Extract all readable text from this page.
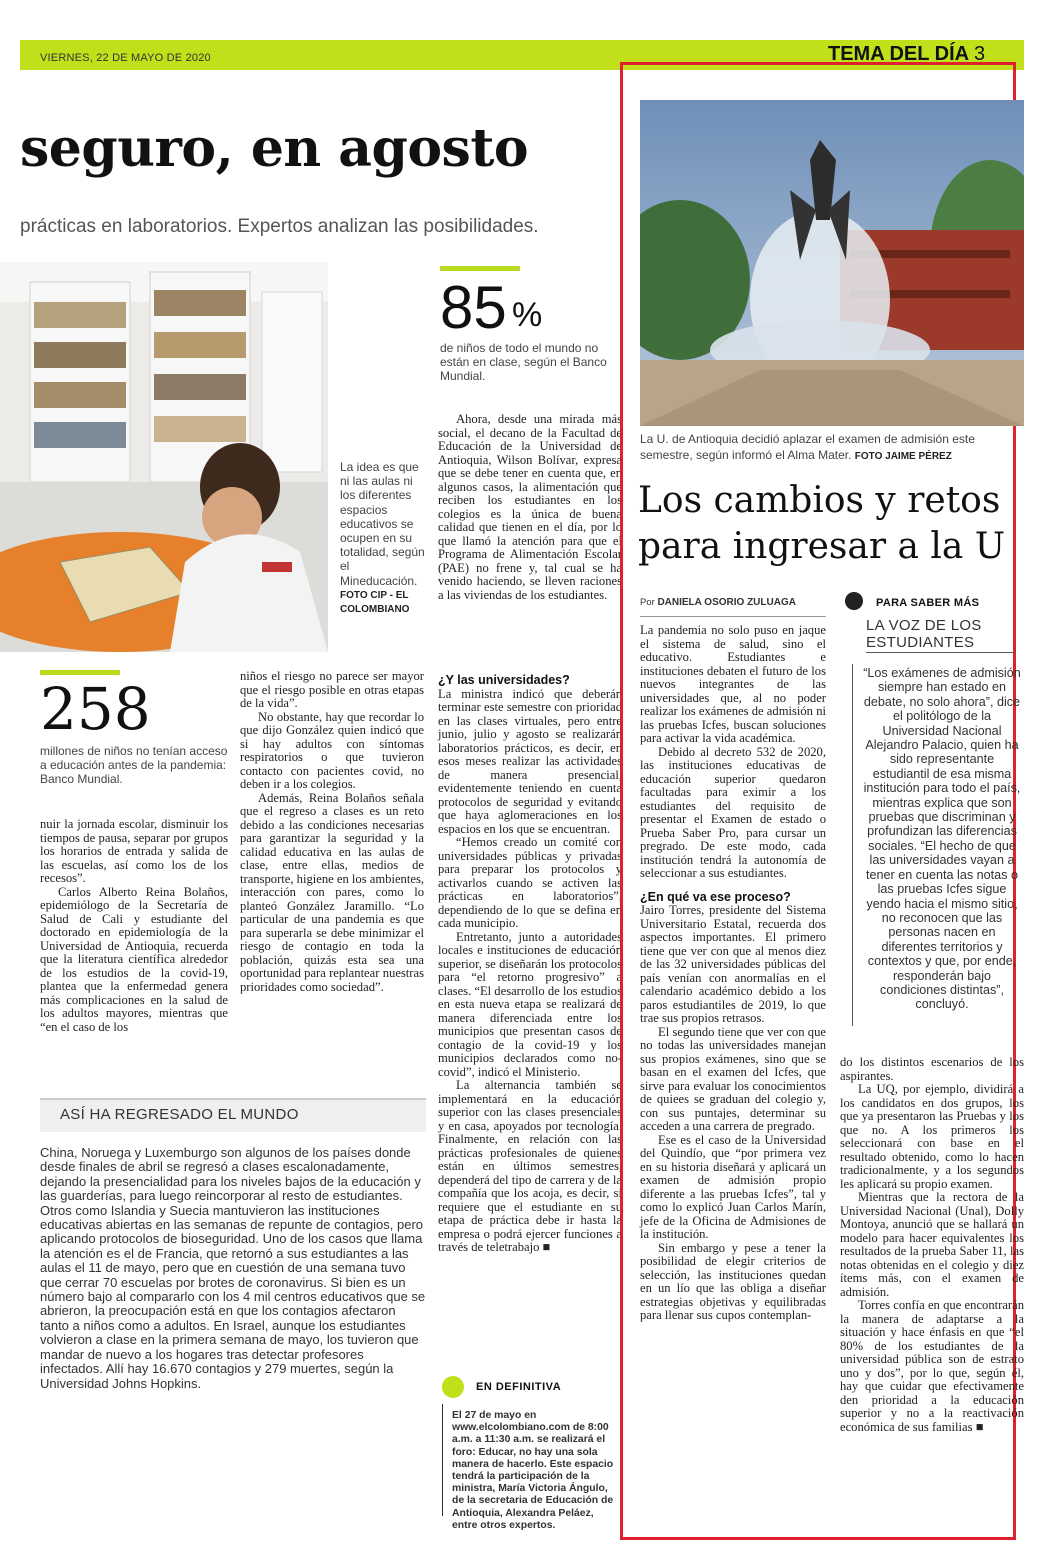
VIERNES, 22 DE MAYO DE 2020	TEMA DEL DÍA 3
seguro, en agosto
prácticas en laboratorios. Expertos analizan las posibilidades.
La idea es que ni las aulas ni los diferentes espacios educativos se ocupen en su totalidad, según el Mineducación.
FOTO CIP - EL COLOMBIANO
85 %
de niños de todo el mundo no están en clase, según el Banco Mundial.
258
millones de niños no tenían acceso a educación antes de la pandemia: Banco Mundial.

nuir la jornada escolar, disminuir los tiempos de pausa, separar por grupos los horarios de entrada y salida de las escuelas, así como los de los recesos”.

Carlos Alberto Reina Bolaños, epidemiólogo de la Secretaría de Salud de Cali y estudiante del doctorado en epidemiología de la Universidad de Antioquia, recuerda que la literatura científica alrededor de los estudios de la covid-19, plantea que la enfermedad genera más complicaciones en la salud de los adultos mayores, mientras que “en el caso de los

niños el riesgo no parece ser mayor que el riesgo posible en otras etapas de la vida”.

No obstante, hay que recordar lo que dijo González quien indicó que si hay adultos con síntomas respiratorios o que tuvieron contacto con pacientes covid, no deben ir a los colegios.

Además, Reina Bolaños señala que el regreso a clases es un reto debido a las condiciones necesarias para garantizar la seguridad y la calidad educativa en las aulas de clase, entre ellas, medios de transporte, higiene en los ambientes, interacción con pares, como lo planteó González Jaramillo. “Lo particular de una pandemia es que para superarla se debe minimizar el riesgo de contagio en toda la población, quizás esta sea una oportunidad para replantear nuestras prioridades como sociedad”.

Ahora, desde una mirada más social, el decano de la Facultad de Educación de la Universidad de Antioquia, Wilson Bolívar, expresa que se debe tener en cuenta que, en algunos casos, la alimentación que reciben los estudiantes en los colegios es la única de buena calidad que tienen en el día, por lo que llamó la atención para que el Programa de Alimentación Escolar (PAE) no frene y, tal cual se ha venido haciendo, se lleven raciones a las viviendas de los estudiantes.

¿Y las universidades?

La ministra indicó que deberán terminar este semestre con prioridad en las clases virtuales, pero entre junio, julio y agosto se realizarán laboratorios prácticos, es decir, en esos meses realizar las actividades de manera presencial, evidentemente teniendo en cuenta protocolos de seguridad y evitando que haya aglomeraciones en los espacios en los que se encuentran.

“Hemos creado un comité con universidades públicas y privadas para preparar los protocolos y activarlos cuando se activen las prácticas en laboratorios”, dependiendo de lo que se defina en cada municipio.

Entretanto, junto a autoridades locales e instituciones de educación superior, se diseñarán los protocolos para “el retorno progresivo” a clases. “El desarrollo de los estudios en esta nueva etapa se realizará de manera diferenciada entre los municipios que presentan casos de contagio de la covid-19 y los municipios declarados como no-covid”, indicó el Ministerio.

La alternancia también se implementará en la educación superior con las clases presenciales y en casa, apoyados por tecnología. Finalmente, en relación con las prácticas profesionales de quienes están en últimos semestres, dependerá del tipo de carrera y de la compañía que los acoja, es decir, si requiere que el estudiante en su etapa de práctica debe ir hasta la empresa o podrá ejercer funciones a través de teletrabajo ■

ASÍ HA REGRESADO EL MUNDO
China, Noruega y Luxemburgo son algunos de los países donde desde finales de abril se regresó a clases escalonadamente, dejando la presencialidad para los niveles bajos de la educación y las guarderías, para luego reincorporar al resto de estudiantes. Otros como Islandia y Suecia mantuvieron las instituciones educativas abiertas en las semanas de repunte de contagios, pero aplicando protocolos de bioseguridad. Uno de los casos que llama la atención es el de Francia, que retornó a sus estudiantes a las aulas el 11 de mayo, pero que en cuestión de una semana tuvo que cerrar 70 escuelas por brotes de coronavirus. Si bien es un número bajo al compararlo con los 4 mil centros educativos que se abrieron, la preocupación está en que los contagios afectaron tanto a niños como a adultos. En Israel, aunque los estudiantes volvieron a clase en la primera semana de mayo, los tuvieron que mandar de nuevo a los hogares tras detectar profesores infectados. Allí hay 16.670 contagios y 279 muertes, según la Universidad Johns Hopkins.	EN DEFINITIVA
El 27 de mayo en www.elcolombiano.com de 8:00 a.m. a 11:30 a.m. se realizará el foro: Educar, no hay una sola manera de hacerlo. Este espacio tendrá la participación de la ministra, María Victoria Ángulo, de la secretaria de Educación de Antioquia, Alexandra Peláez, entre otros expertos.
La U. de Antioquia decidió aplazar el examen de admisión este semestre, según informó el Alma Mater. FOTO JAIME PÉREZ
Los cambios y retos para ingresar a la U
Por DANIELA OSORIO ZULUAGA

La pandemia no solo puso en jaque el sistema de salud, sino el educativo. Estudiantes e instituciones debaten el futuro de los nuevos integrantes de las universidades que, al no poder realizar los exámenes de admisión ni las pruebas Icfes, buscan soluciones para activar la vida académica.

Debido al decreto 532 de 2020, las instituciones educativas de educación superior quedaron facultadas para eximir a los estudiantes del requisito de presentar el Examen de estado o Prueba Saber Pro, para cursar un pregrado. De este modo, cada institución tendrá la autonomía de seleccionar a sus estudiantes.

¿En qué va ese proceso?

Jairo Torres, presidente del Sistema Universitario Estatal, recuerda dos aspectos importantes. El primero tiene que ver con que al menos diez de las 32 universidades públicas del país venían con anormalías en el calendario académico debido a los paros estudiantiles de 2019, lo que trae sus propios retrasos.

El segundo tiene que ver con que no todas las universidades manejan sus propios exámenes, sino que se basan en el examen del Icfes, que sirve para evaluar los conocimientos de quiees se graduan del colegio y, con sus puntajes, determinar su acceden a una carrera de pregrado.

Ese es el caso de la Universidad del Quindío, que “por primera vez en su historia diseñará y aplicará un examen de admisión propio diferente a las pruebas Icfes”, tal y como lo explicó Juan Carlos Marín, jefe de la Oficina de Admisiones de la institución.

Sin embargo y pese a tener la posibilidad de elegir criterios de selección, las instituciones quedan en un lío que las obliga a diseñar estrategias objetivas y equilibradas para llenar sus cupos contemplan-

do los distintos escenarios de los aspirantes.

La UQ, por ejemplo, dividirá a los candidatos en dos grupos, los que ya presentaron las Pruebas y los que no. A los primeros los seleccionará con base en el resultado obtenido, como lo hacen tradicionalmente, y a los segundos les aplicará su propio examen.

Mientras que la rectora de la Universidad Nacional (Unal), Dolly Montoya, anunció que se hallará un modelo para hacer equivalentes los resultados de la prueba Saber 11, las notas obtenidas en el colegio y diez ítems más, con el examen de admisión.

Torres confía en que encontrarán la manera de adaptarse a la situación y hace énfasis en que “el 80% de los estudiantes de la universidad pública son de estrato uno y dos”, por lo que, según él, hay que cuidar que efectivamente den prioridad a la educación superior y no a la reactivación económica de sus familias ■

PARA SABER MÁS
LA VOZ DE LOS ESTUDIANTES
“Los exámenes de admisión siempre han estado en debate, no solo ahora”, dice el politólogo de la Universidad Nacional Alejandro Palacio, quien ha sido representante estudiantil de esa misma institución para todo el país, mientras explica que son pruebas que discriminan y profundizan las diferencias sociales. “El hecho de que las universidades vayan a tener en cuenta las notas o las pruebas Icfes sigue yendo hacia el mismo sitio, no reconocen que las personas nacen en diferentes territorios y contextos y que, por ende, responderán bajo condiciones distintas”, concluyó.
